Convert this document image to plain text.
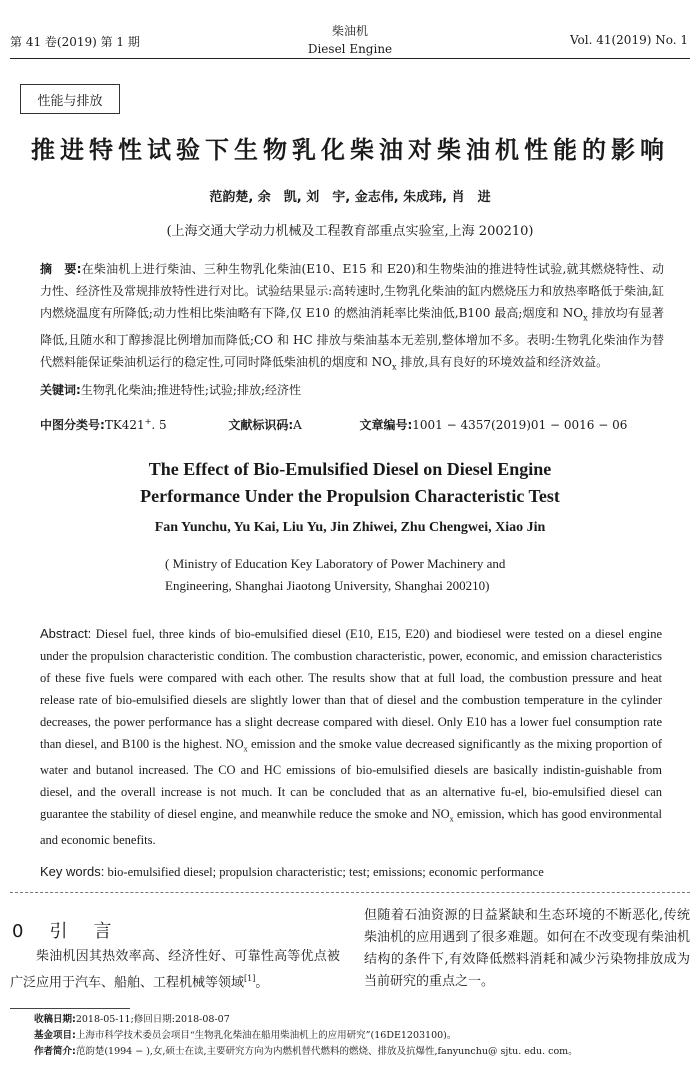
第 41 卷(2019) 第 1 期
柴油机
Diesel Engine
Vol. 41(2019) No. 1
性能与排放
推进特性试验下生物乳化柴油对柴油机性能的影响
范韵楚, 余　凯, 刘　宇, 金志伟, 朱成玮, 肖　进
(上海交通大学动力机械及工程教育部重点实验室,上海 200210)
摘　要:在柴油机上进行柴油、三种生物乳化柴油(E10、E15 和 E20)和生物柴油的推进特性试验,就其燃烧特性、动力性、经济性及常规排放特性进行对比。试验结果显示:高转速时,生物乳化柴油的缸内燃烧压力和放热率略低于柴油,缸内燃烧温度有所降低;动力性相比柴油略有下降,仅 E10 的燃油消耗率比柴油低,B100 最高;烟度和 $NO_x$ 排放均有显著降低,且随水和丁醇掺混比例增加而降低;CO 和 HC 排放与柴油基本无差别,整体增加不多。表明:生物乳化柴油作为替代燃料能保证柴油机运行的稳定性,可同时降低柴油机的烟度和 $NO_x$ 排放,具有良好的环境效益和经济效益。
关键词:生物乳化柴油;推进特性;试验;排放;经济性
中图分类号:TK421+. 5	文献标识码:A	文章编号:1001 − 4357(2019)01 − 0016 − 06
The Effect of Bio-Emulsified Diesel on Diesel Engine
Performance Under the Propulsion Characteristic Test
Fan Yunchu, Yu Kai, Liu Yu, Jin Zhiwei, Zhu Chengwei, Xiao Jin
( Ministry of Education Key Laboratory of Power Machinery and
Engineering, Shanghai Jiaotong University, Shanghai 200210)
Abstract: Diesel fuel, three kinds of bio-emulsified diesel (E10, E15, E20) and biodiesel were tested on a diesel engine under the propulsion characteristic condition. The combustion characteristic, power, economic, and emission characteristics of these five fuels were compared with each other. The results show that at full load, the combustion pressure and heat release rate of bio-emulsified diesels are slightly lower than that of diesel and the combustion temperature in the cylinder decreases, the power performance has a slight decrease compared with diesel. Only E10 has a lower fuel consumption rate than diesel, and B100 is the highest. $NO_x$ emission and the smoke value decreased significantly as the mixing proportion of water and butanol increased. The CO and HC emissions of bio-emulsified diesels are basically indistin-guishable from diesel, and the overall increase is not much. It can be concluded that as an alternative fu-el, bio-emulsified diesel can guarantee the stability of diesel engine, and meanwhile reduce the smoke and $NO_x$ emission, which has good environmental and economic benefits.
Key words: bio-emulsified diesel; propulsion characteristic; test; emissions; economic performance
0　引　言
柴油机因其热效率高、经济性好、可靠性高等优点被广泛应用于汽车、船舶、工程机械等领域[1]。
但随着石油资源的日益紧缺和生态环境的不断恶化,传统柴油机的应用遇到了很多难题。如何在不改变现有柴油机结构的条件下,有效降低燃料消耗和减少污染物排放成为当前研究的重点之一。
收稿日期:2018-05-11;修回日期:2018-08-07
基金项目:上海市科学技术委员会项目“生物乳化柴油在船用柴油机上的应用研究”(16DE1203100)。
作者简介:范韵楚(1994 − ),女,硕士在读,主要研究方向为内燃机替代燃料的燃烧、排放及抗爆性,fanyunchu@ sjtu. edu. com。
